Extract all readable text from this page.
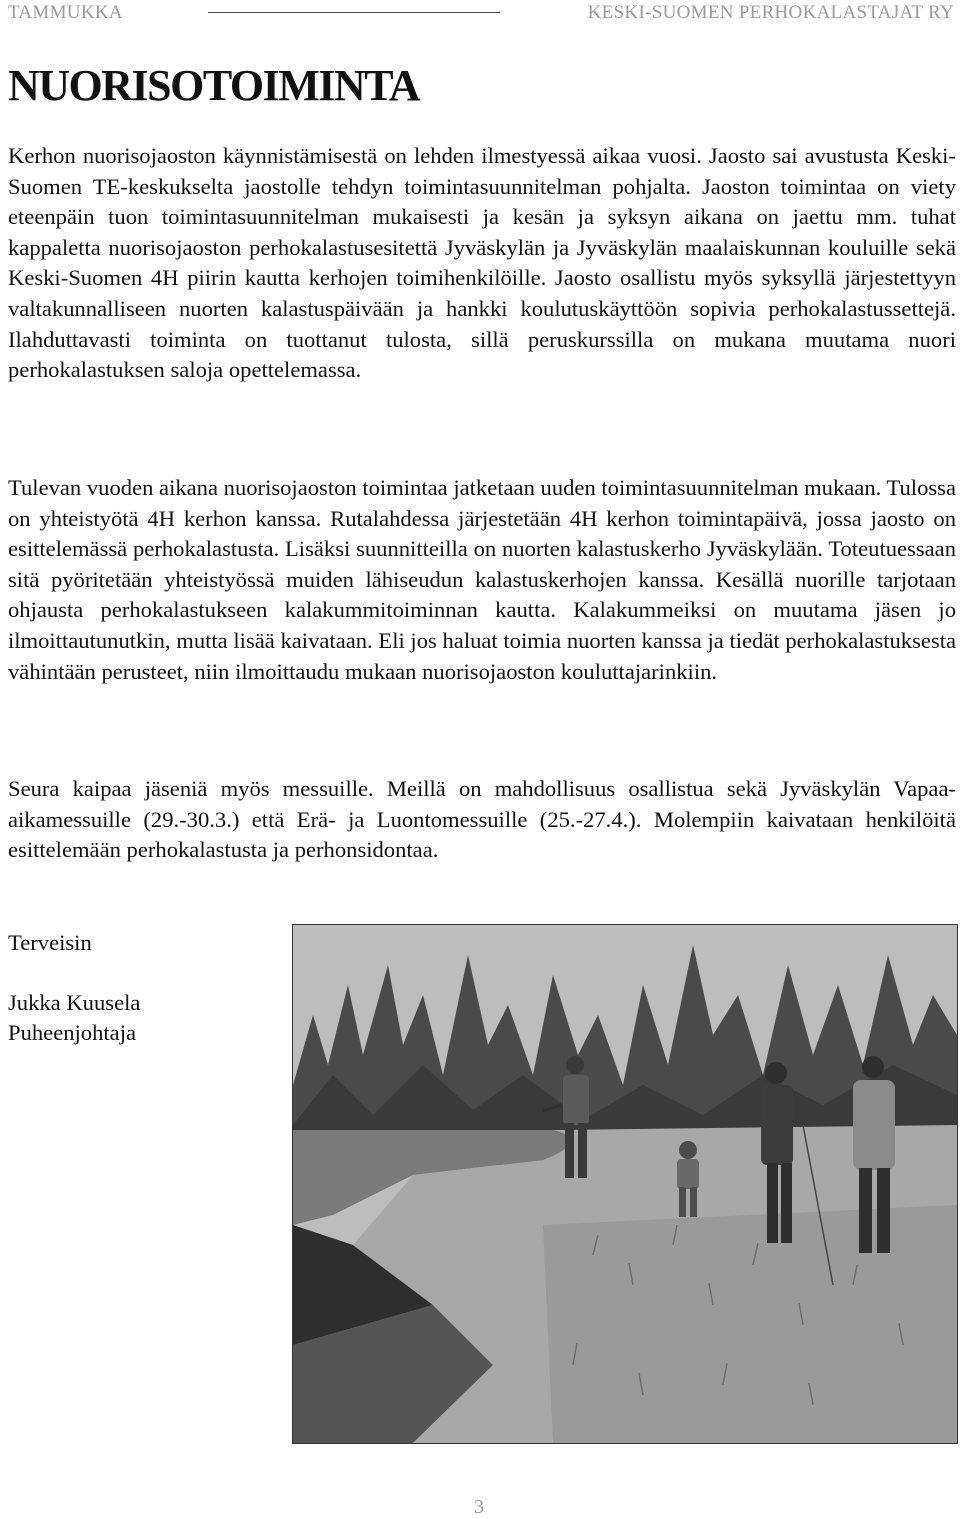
TAMMUKKA	KESKI-SUOMEN PERHOKALASTAJAT RY
NUORISOTOIMINTA

Kerhon nuorisojaoston käynnistämisestä on lehden ilmestyessä aikaa vuosi. Jaosto sai avustusta Keski-Suomen TE-keskukselta jaostolle tehdyn toimintasuunnitelman pohjalta. Jaoston toimintaa on viety eteenpäin tuon toimintasuunnitelman mukaisesti ja kesän ja syksyn aikana on jaettu mm. tuhat kappaletta nuorisojaoston perhokalastusesitettä Jyväskylän ja Jyväskylän maalaiskunnan kouluille sekä Keski-Suomen 4H piirin kautta kerhojen toimihenkilöille. Jaosto osallistu myös syksyllä järjestettyyn valtakunnalliseen nuorten kalastuspäivään ja hankki koulutuskäyttöön sopivia perhokalastussettejä. Ilahduttavasti toiminta on tuottanut tulosta, sillä peruskurssilla on mukana muutama nuori perhokalastuksen saloja opettelemassa.

Tulevan vuoden aikana nuorisojaoston toimintaa jatketaan uuden toimintasuunnitelman mukaan. Tulossa on yhteistyötä 4H kerhon kanssa. Rutalahdessa järjestetään 4H kerhon toimintapäivä, jossa jaosto on esittelemässä perhokalastusta. Lisäksi suunnitteilla on nuorten kalastuskerho Jyväskylään. Toteutuessaan sitä pyöritetään yhteistyössä muiden lähiseudun kalastuskerhojen kanssa. Kesällä nuorille tarjotaan ohjausta perhokalastukseen kalakummitoiminnan kautta. Kalakummeiksi on muutama jäsen jo ilmoittautunutkin, mutta lisää kaivataan. Eli jos haluat toimia nuorten kanssa ja tiedät perhokalastuksesta vähintään perusteet, niin ilmoittaudu mukaan nuorisojaoston kouluttajarinkiin.

Seura kaipaa jäseniä myös messuille. Meillä on mahdollisuus osallistua sekä Jyväskylän Vapaa-aikamessuille (29.-30.3.) että Erä- ja Luontomessuille (25.-27.4.). Molempiin kaivataan henkilöitä esittelemään perhokalastusta ja perhonsidontaa.

Terveisin

Jukka Kuusela

Puheenjohtaja

3
